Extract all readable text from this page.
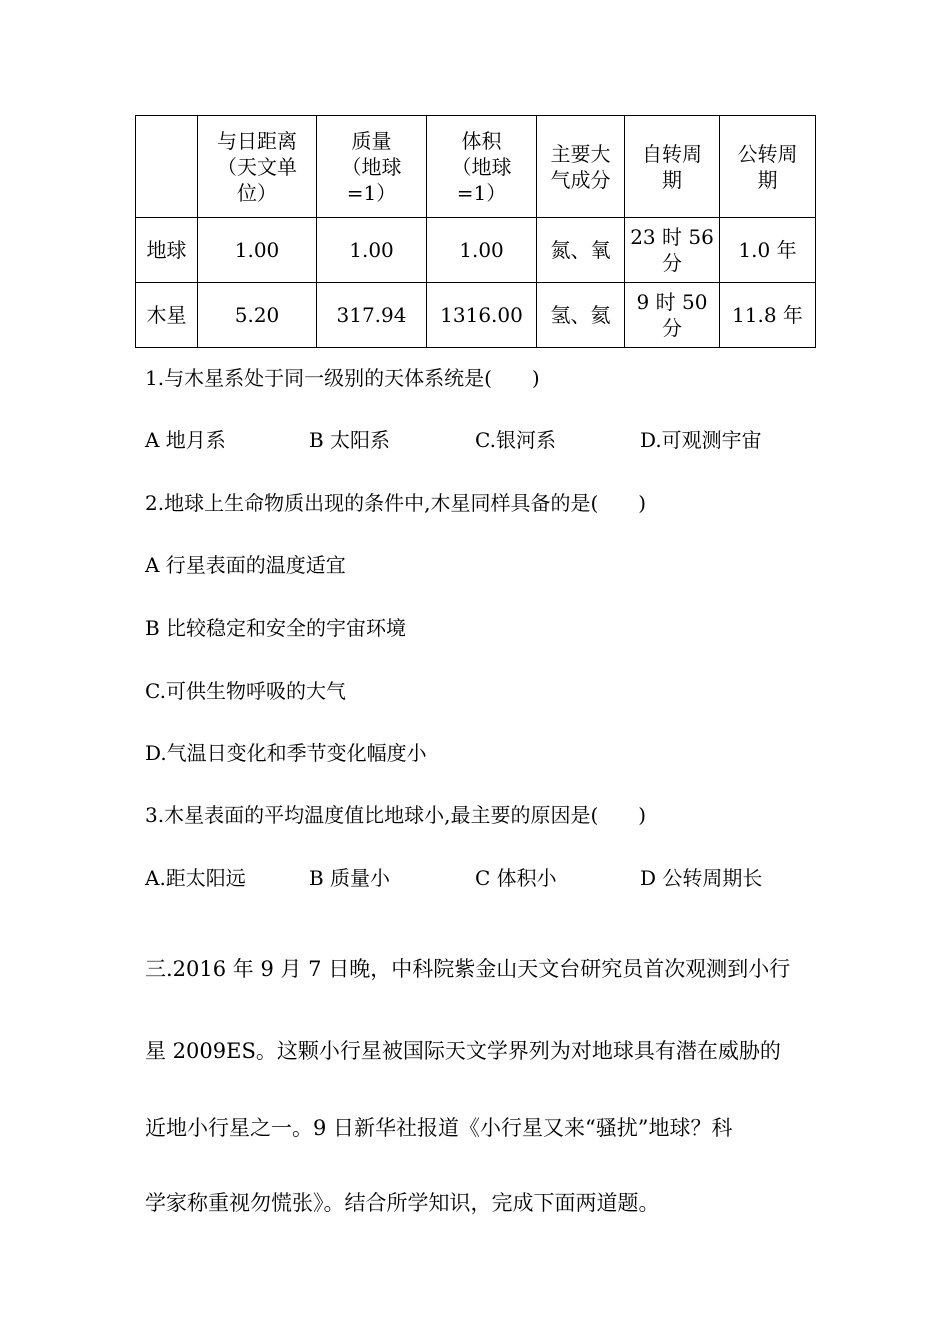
	与日距离
（天文单
位）	质量
（地球
=1）	体积
（地球
=1）	主要大
气成分	自转周
期	公转周
期

地球	1.00	1.00	1.00	氮、氧	23 时 56
分	1.0 年
木星	5.20	317.94	1316.00	氢、氦	9 时 50
分	11.8 年
1.与木星系处于同一级别的天体系统是(　　)
A 地月系	B 太阳系	C.银河系	D.可观测宇宙
2.地球上生命物质出现的条件中,木星同样具备的是(　　)
A 行星表面的温度适宜
B 比较稳定和安全的宇宙环境
C.可供生物呼吸的大气
D.气温日变化和季节变化幅度小
3.木星表面的平均温度值比地球小,最主要的原因是(　　)
A.距太阳远	B 质量小	C 体积小	D 公转周期长
三.2016 年 9 月 7 日晚，中科院紫金山天文台研究员首次观测到小行
星 2009ES。这颗小行星被国际天文学界列为对地球具有潜在威胁的
近地小行星之一。9 日新华社报道《小行星又来“骚扰”地球？科
学家称重视勿慌张》。结合所学知识，完成下面两道题。
